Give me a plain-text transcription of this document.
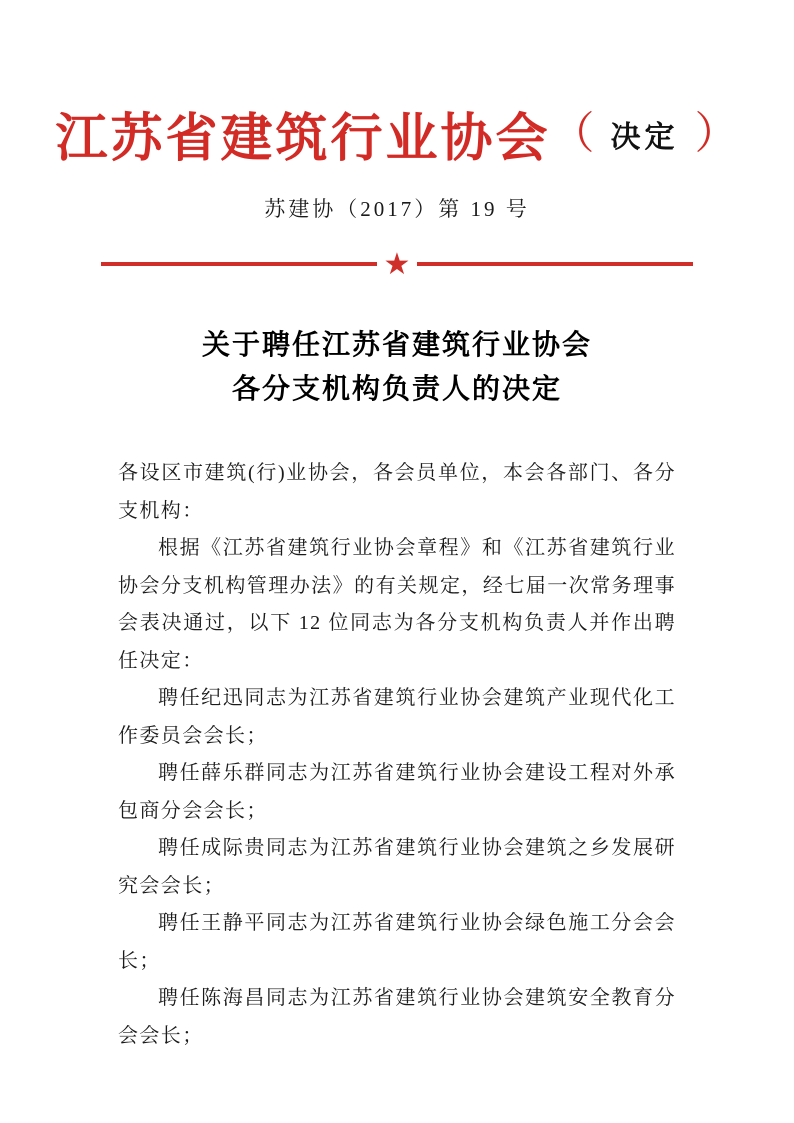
江苏省建筑行业协会 （ 决定 ）
苏建协（2017）第 19 号
★
关于聘任江苏省建筑行业协会
各分支机构负责人的决定

各设区市建筑(行)业协会，各会员单位，本会各部门、各分支机构：

根据《江苏省建筑行业协会章程》和《江苏省建筑行业协会分支机构管理办法》的有关规定，经七届一次常务理事会表决通过，以下 12 位同志为各分支机构负责人并作出聘任决定：

聘任纪迅同志为江苏省建筑行业协会建筑产业现代化工作委员会会长；

聘任薛乐群同志为江苏省建筑行业协会建设工程对外承包商分会会长；

聘任成际贵同志为江苏省建筑行业协会建筑之乡发展研究会会长；

聘任王静平同志为江苏省建筑行业协会绿色施工分会会长；

聘任陈海昌同志为江苏省建筑行业协会建筑安全教育分会会长；
